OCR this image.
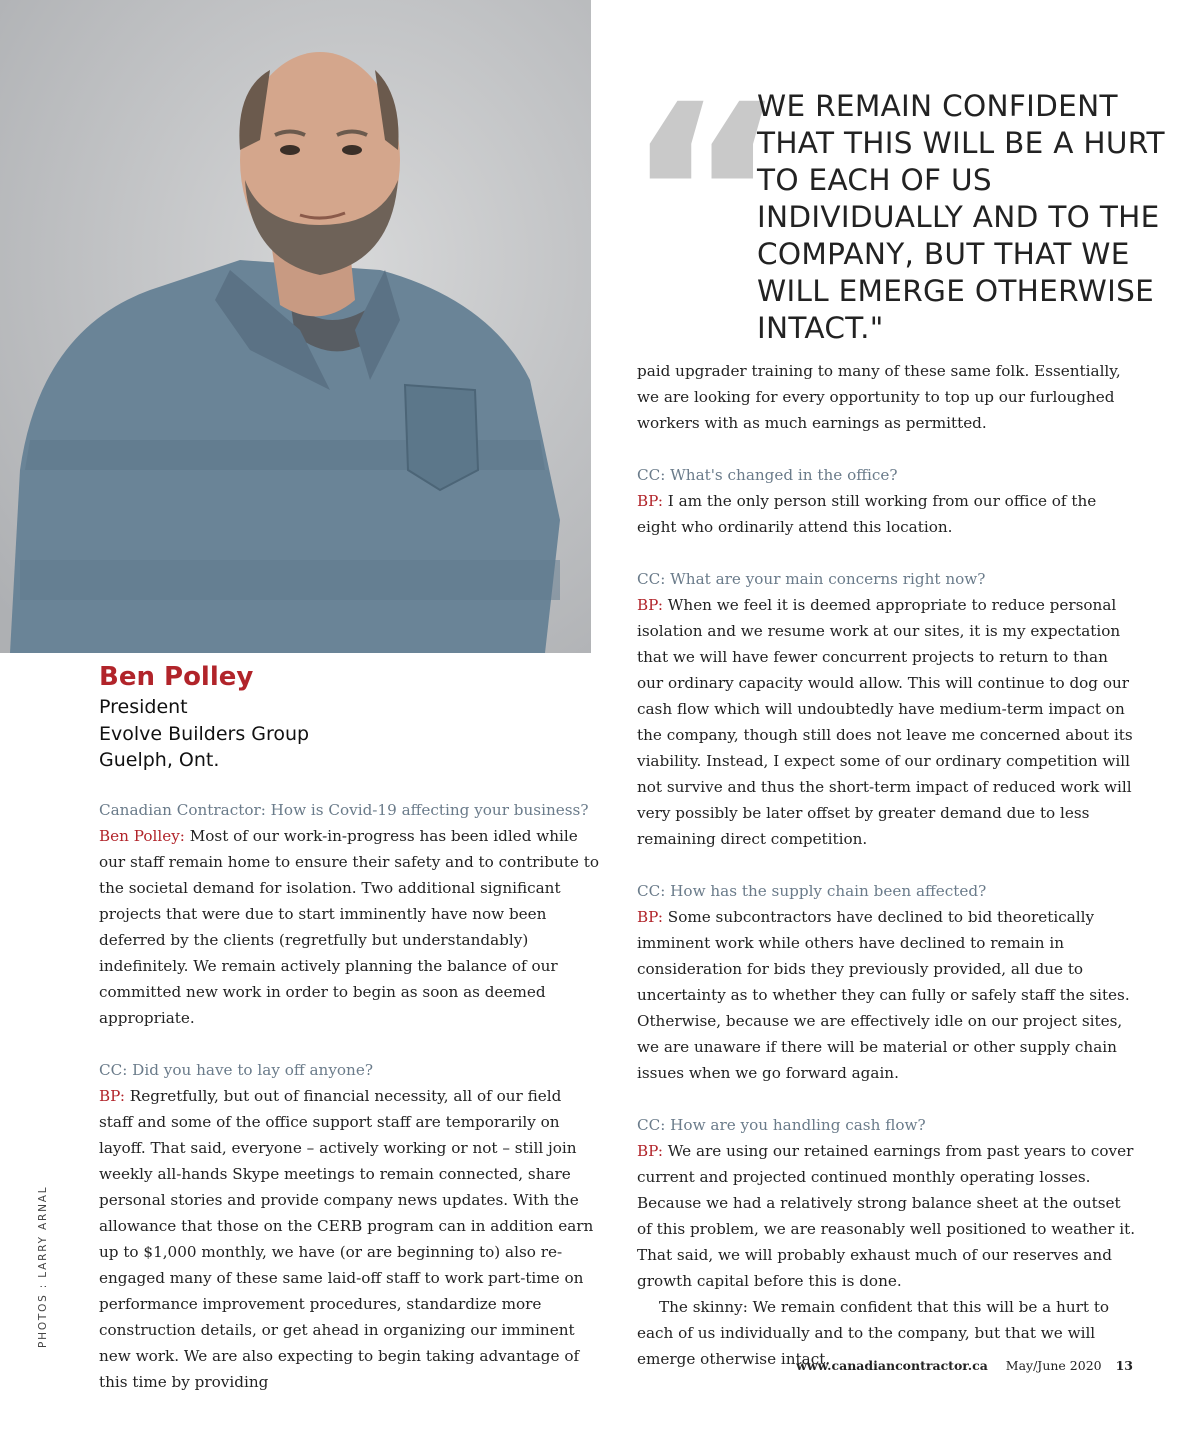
“
WE REMAIN CONFIDENT THAT THIS WILL BE A HURT TO EACH OF US INDIVIDUALLY AND TO THE COMPANY, BUT THAT WE WILL EMERGE OTHERWISE INTACT."
Ben Polley
President
Evolve Builders Group
Guelph, Ont.
Canadian Contractor: How is Covid-19 affecting your business?
Ben Polley: Most of our work-in-progress has been idled while our staff remain home to ensure their safety and to contribute to the societal demand for isolation. Two additional significant projects that were due to start imminently have now been deferred by the clients (regretfully but understandably) indefinitely. We remain actively planning the balance of our committed new work in order to begin as soon as deemed appropriate.
CC: Did you have to lay off anyone?
BP: Regretfully, but out of financial necessity, all of our field staff and some of the office support staff are temporarily on layoff. That said, everyone – actively working or not – still join weekly all-hands Skype meetings to remain connected, share personal stories and provide company news updates. With the allowance that those on the CERB program can in addition earn up to $1,000 monthly, we have (or are beginning to) also re-engaged many of these same laid-off staff to work part-time on performance improvement procedures, standardize more construction details, or get ahead in organizing our imminent new work. We are also expecting to begin taking advantage of this time by providing
paid upgrader training to many of these same folk. Essentially, we are looking for every opportunity to top up our furloughed workers with as much earnings as permitted.
CC: What's changed in the office?
BP: I am the only person still working from our office of the eight who ordinarily attend this location.
CC: What are your main concerns right now?
BP: When we feel it is deemed appropriate to reduce personal isolation and we resume work at our sites, it is my expectation that we will have fewer concurrent projects to return to than our ordinary capacity would allow. This will continue to dog our cash flow which will undoubtedly have medium-term impact on the company, though still does not leave me concerned about its viability. Instead, I expect some of our ordinary competition will not survive and thus the short-term impact of reduced work will very possibly be later offset by greater demand due to less remaining direct competition.
CC: How has the supply chain been affected?
BP: Some subcontractors have declined to bid theoretically imminent work while others have declined to remain in consideration for bids they previously provided, all due to uncertainty as to whether they can fully or safely staff the sites. Otherwise, because we are effectively idle on our project sites, we are unaware if there will be material or other supply chain issues when we go forward again.
CC: How are you handling cash flow?
BP: We are using our retained earnings from past years to cover current and projected continued monthly operating losses. Because we had a relatively strong balance sheet at the outset of this problem, we are reasonably well positioned to weather it. That said, we will probably exhaust much of our reserves and growth capital before this is done.
The skinny: We remain confident that this will be a hurt to each of us individually and to the company, but that we will emerge otherwise intact.
PHOTOS : LARRY ARNAL
www.canadiancontractor.ca May/June 2020 13
